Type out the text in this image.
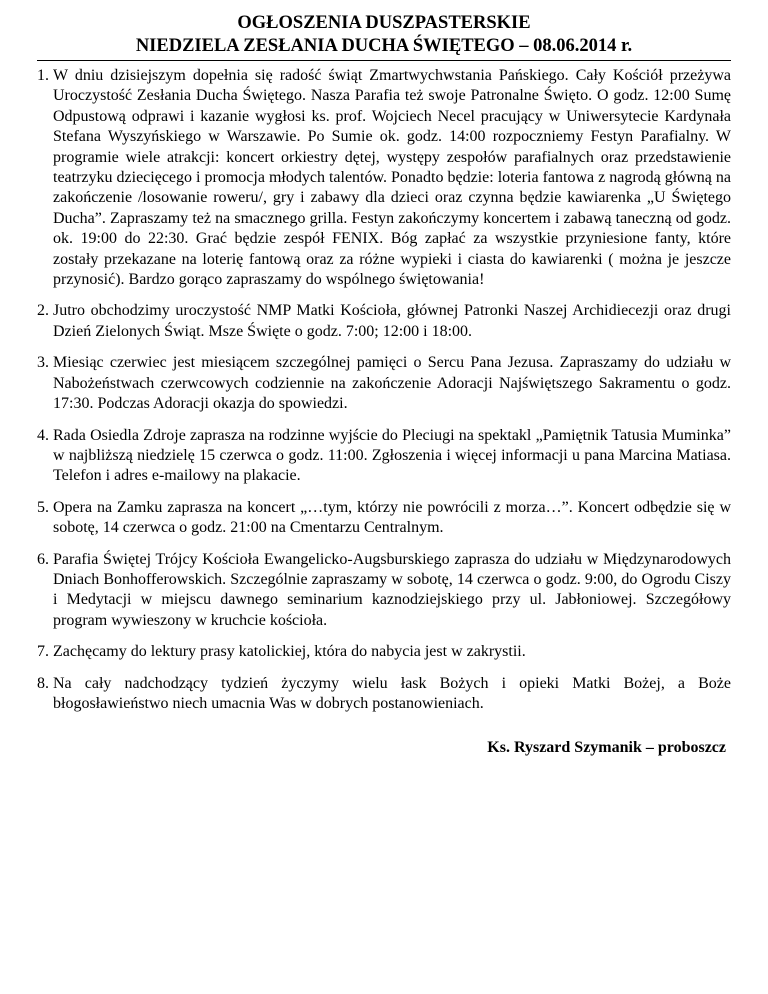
OGŁOSZENIA DUSZPASTERSKIE
NIEDZIELA ZESŁANIA DUCHA ŚWIĘTEGO – 08.06.2014 r.
1. W dniu dzisiejszym dopełnia się radość świąt Zmartwychwstania Pańskiego. Cały Kościół przeżywa Uroczystość Zesłania Ducha Świętego. Nasza Parafia też swoje Patronalne Święto. O godz. 12:00 Sumę Odpustową odprawi i kazanie wygłosi ks. prof. Wojciech Necel pracujący w Uniwersytecie Kardynała Stefana Wyszyńskiego w Warszawie. Po Sumie ok. godz. 14:00 rozpoczniemy Festyn Parafialny. W programie wiele atrakcji: koncert orkiestry dętej, występy zespołów parafialnych oraz przedstawienie teatrzyku dziecięcego i promocja młodych talentów. Ponadto będzie: loteria fantowa z nagrodą główną na zakończenie /losowanie roweru/, gry i zabawy dla dzieci oraz czynna będzie kawiarenka „U Świętego Ducha”. Zapraszamy też na smacznego grilla. Festyn zakończymy koncertem i zabawą taneczną od godz. ok. 19:00 do 22:30. Grać będzie zespół FENIX. Bóg zapłać za wszystkie przyniesione fanty, które zostały przekazane na loterię fantową oraz za różne wypieki i ciasta do kawiarenki ( można je jeszcze przynosić). Bardzo gorąco zapraszamy do wspólnego świętowania!
2. Jutro obchodzimy uroczystość NMP Matki Kościoła, głównej Patronki Naszej Archidiecezji oraz drugi Dzień Zielonych Świąt. Msze Święte o godz. 7:00; 12:00 i 18:00.
3. Miesiąc czerwiec jest miesiącem szczególnej pamięci o Sercu Pana Jezusa. Zapraszamy do udziału w Nabożeństwach czerwcowych codziennie na zakończenie Adoracji Najświętszego Sakramentu o godz. 17:30. Podczas Adoracji okazja do spowiedzi.
4. Rada Osiedla Zdroje zaprasza na rodzinne wyjście do Pleciugi na spektakl „Pamiętnik Tatusia Muminka” w najbliższą niedzielę 15 czerwca o godz. 11:00. Zgłoszenia i więcej informacji u pana Marcina Matiasa. Telefon i adres e-mailowy na plakacie.
5. Opera na Zamku zaprasza na koncert „…tym, którzy nie powrócili z morza…”. Koncert odbędzie się w sobotę, 14 czerwca o godz. 21:00 na Cmentarzu Centralnym.
6. Parafia Świętej Trójcy Kościoła Ewangelicko-Augsburskiego zaprasza do udziału w Międzynarodowych Dniach Bonhofferowskich. Szczególnie zapraszamy w sobotę, 14 czerwca o godz. 9:00, do Ogrodu Ciszy i Medytacji w miejscu dawnego seminarium kaznodziejskiego przy ul. Jabłoniowej. Szczegółowy program wywieszony w kruchcie kościoła.
7. Zachęcamy do lektury prasy katolickiej, która do nabycia jest w zakrystii.
8. Na cały nadchodzący tydzień życzymy wielu łask Bożych i opieki Matki Bożej, a Boże błogosławieństwo niech umacnia Was w dobrych postanowieniach.

Ks. Ryszard Szymanik – proboszcz
